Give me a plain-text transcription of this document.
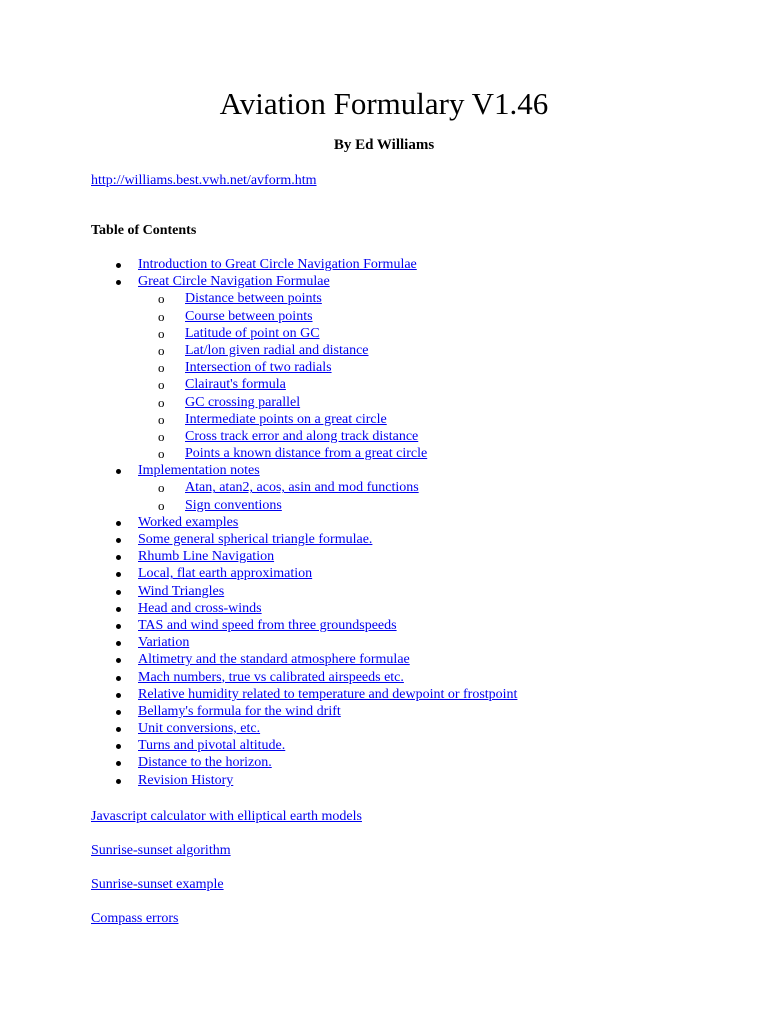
Aviation Formulary V1.46

By Ed Williams

http://williams.best.vwh.net/avform.htm

Table of Contents

Introduction to Great Circle Navigation Formulae
Great Circle Navigation Formulae
o Distance between points
o Course between points
o Latitude of point on GC
o Lat/lon given radial and distance
o Intersection of two radials
o Clairaut's formula
o GC crossing parallel
o Intermediate points on a great circle
o Cross track error and along track distance
o Points a known distance from a great circle
Implementation notes
o Atan, atan2, acos, asin and mod functions
o Sign conventions
Worked examples
Some general spherical triangle formulae.
Rhumb Line Navigation
Local, flat earth approximation
Wind Triangles
Head and cross-winds
TAS and wind speed from three groundspeeds
Variation
Altimetry and the standard atmosphere formulae
Mach numbers, true vs calibrated airspeeds etc.
Relative humidity related to temperature and dewpoint or frostpoint
Bellamy's formula for the wind drift
Unit conversions, etc.
Turns and pivotal altitude.
Distance to the horizon.
Revision History
Javascript calculator with elliptical earth models
Sunrise-sunset algorithm
Sunrise-sunset example
Compass errors
